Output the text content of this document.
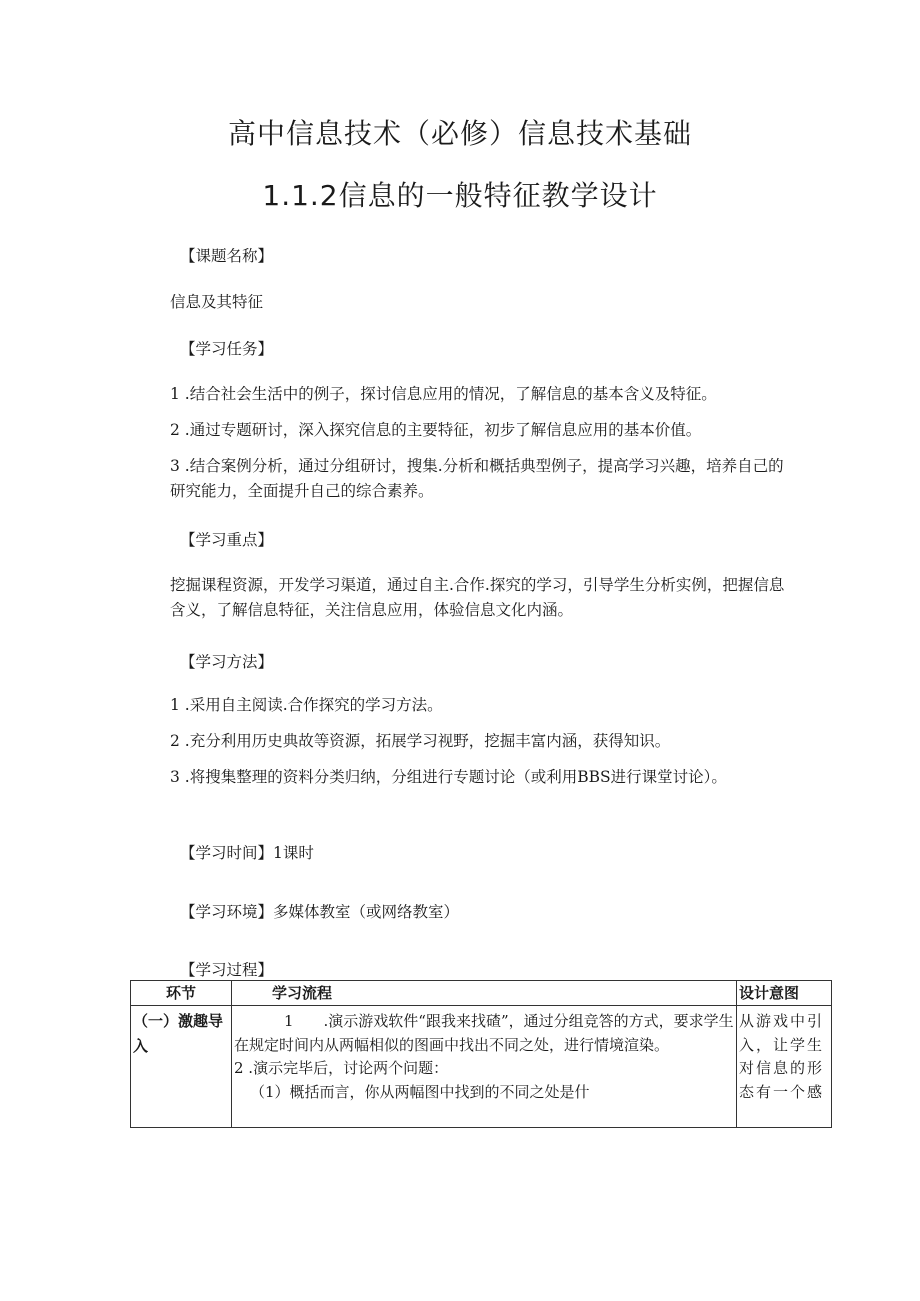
高中信息技术（必修）信息技术基础
1.1.2信息的一般特征教学设计
【课题名称】
信息及其特征
【学习任务】
1 .结合社会生活中的例子，探讨信息应用的情况，了解信息的基本含义及特征。
2 .通过专题研讨，深入探究信息的主要特征，初步了解信息应用的基本价值。
3 .结合案例分析，通过分组研讨，搜集.分析和概括典型例子，提高学习兴趣，培养自己的研究能力，全面提升自己的综合素养。
【学习重点】
挖掘课程资源，开发学习渠道，通过自主.合作.探究的学习，引导学生分析实例，把握信息含义，了解信息特征，关注信息应用，体验信息文化内涵。
【学习方法】
1 .采用自主阅读.合作探究的学习方法。
2 .充分利用历史典故等资源，拓展学习视野，挖掘丰富内涵，获得知识。
3 .将搜集整理的资料分类归纳，分组进行专题讨论（或利用BBS进行课堂讨论）。
【学习时间】1课时
【学习环境】多媒体教室（或网络教室）
【学习过程】
环节	学习流程	设计意图
（一）激趣导入	1　　.演示游戏软件“跟我来找碴”，通过分组竞答的方式，要求学生在规定时间内从两幅相似的图画中找出不同之处，进行情境渲染。
2 .演示完毕后，讨论两个问题：
（1）概括而言，你从两幅图中找到的不同之处是什	从游戏中引入，让学生对信息的形态有一个感
